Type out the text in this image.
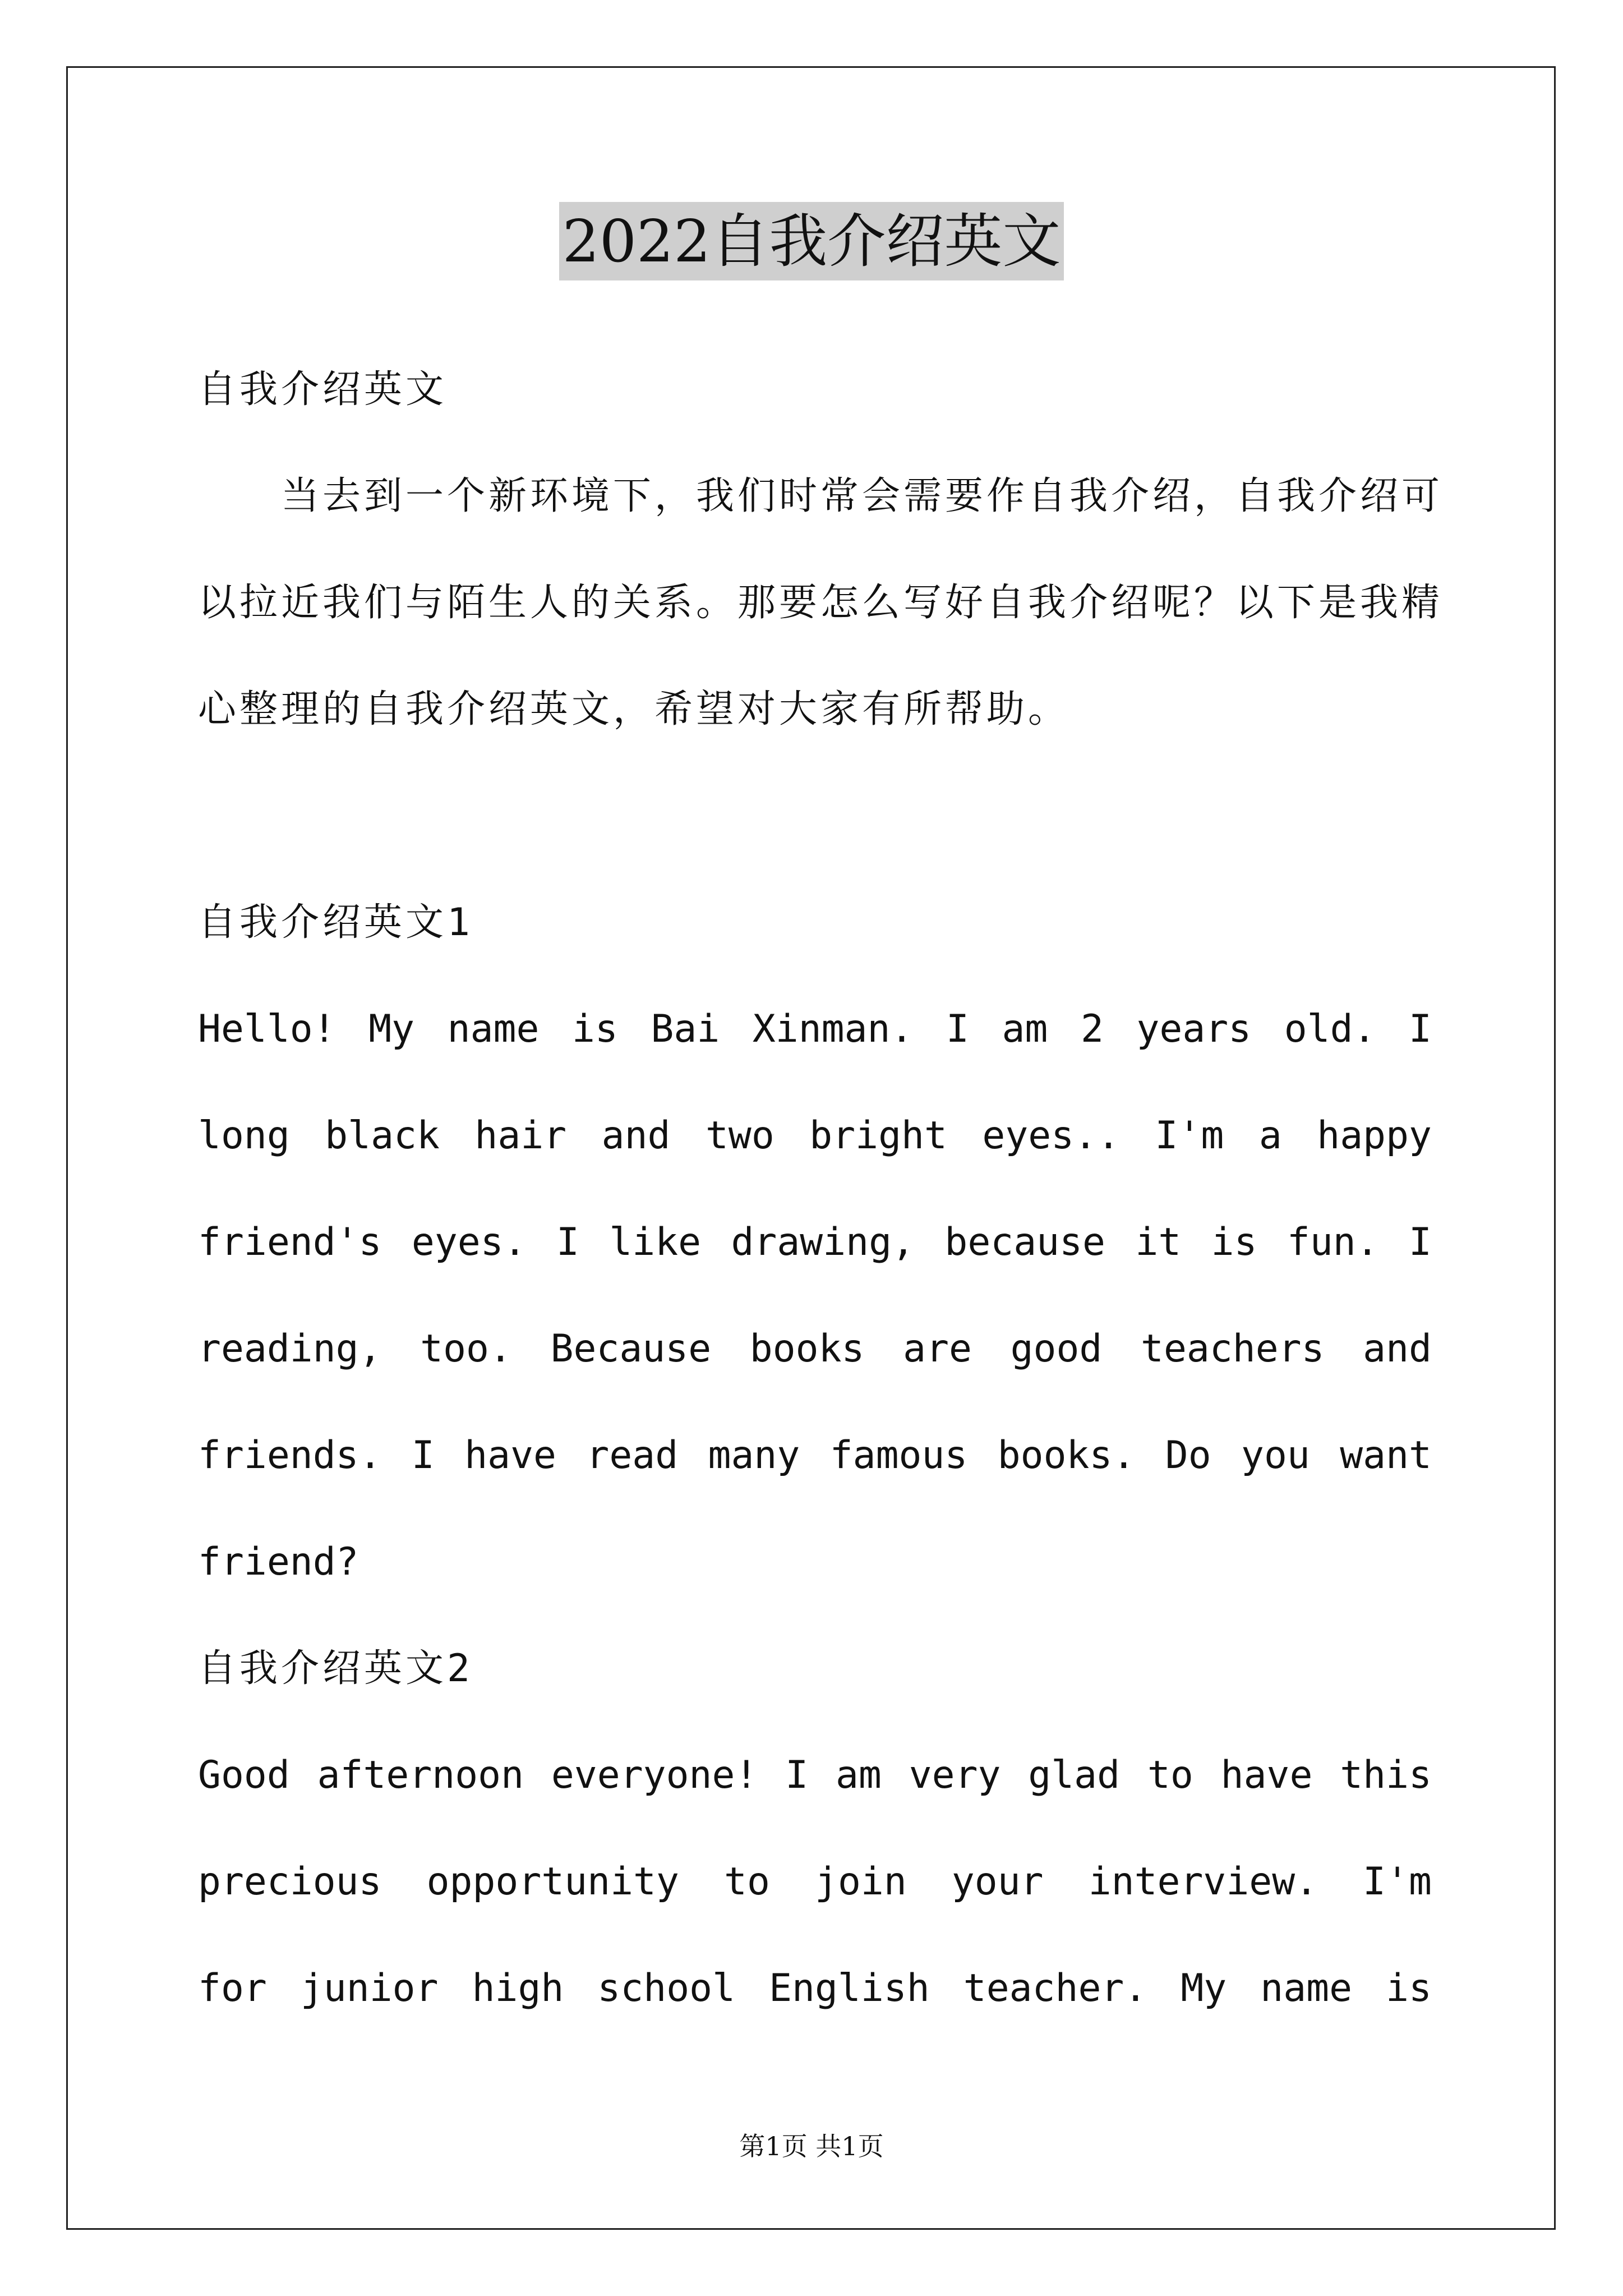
2022自我介绍英文
自我介绍英文
　　当去到一个新环境下，我们时常会需要作自我介绍，自我介绍可
以拉近我们与陌生人的关系。那要怎么写好自我介绍呢？以下是我精
心整理的自我介绍英文，希望对大家有所帮助。
自我介绍英文1
Hello! My name is Bai Xinman. I am 2 years old. I
long black hair and two bright eyes.. I'm a happy
friend's eyes. I like drawing, because it is fun. I
reading, too. Because books are good teachers and
friends. I have read many famous books. Do you want
friend?
自我介绍英文2
Good afternoon everyone! I am very glad to have this
precious opportunity to join your interview. I'm
for junior high school English teacher. My name is
第1页 共1页
